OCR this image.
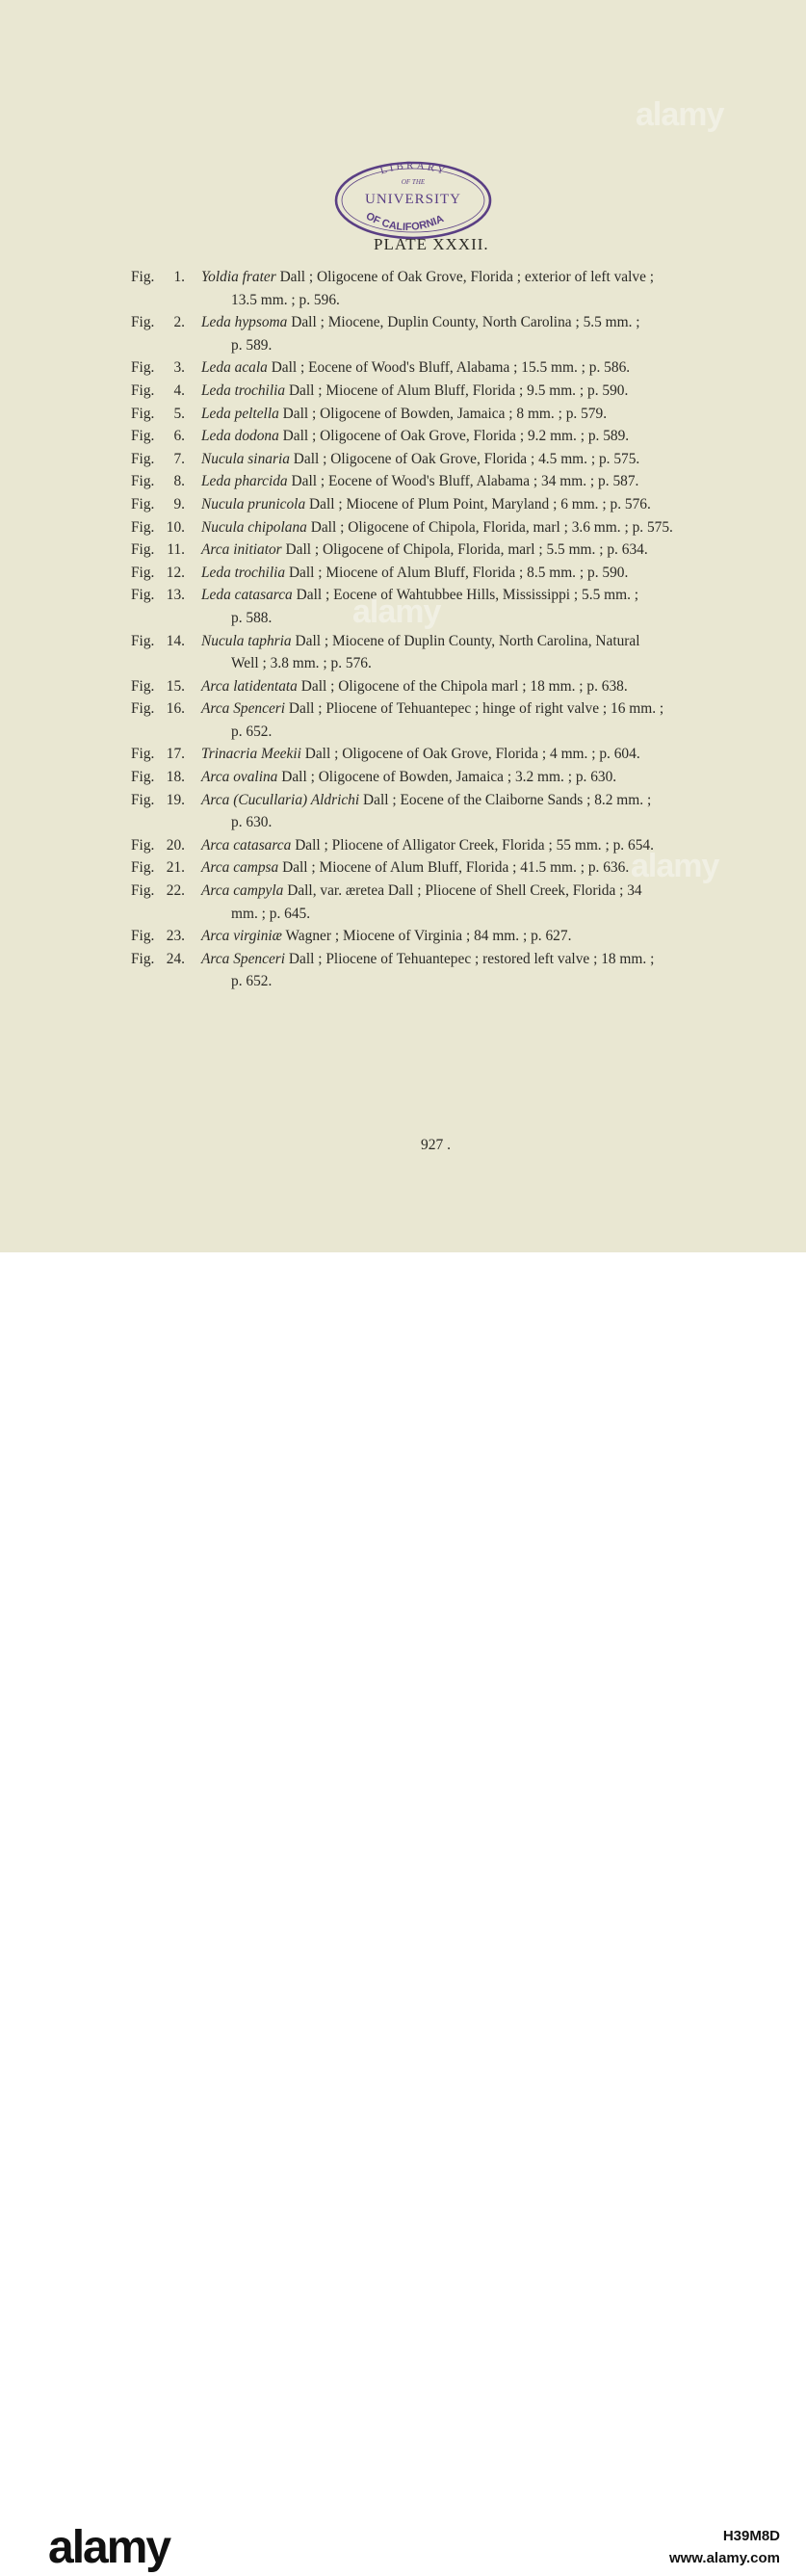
LIBRARY
OF THE
UNIVERSITY
OF CALIFORNIA
PLATE XXXII.
Fig.	1. Yoldia frater Dall ; Oligocene of Oak Grove, Florida ; exterior of left valve ;
13.5 mm. ; p. 596.
Fig.	2. Leda hypsoma Dall ; Miocene, Duplin County, North Carolina ; 5.5 mm. ;
p. 589.
Fig.	3. Leda acala Dall ; Eocene of Wood's Bluff, Alabama ; 15.5 mm. ; p. 586.
Fig.	4. Leda trochilia Dall ; Miocene of Alum Bluff, Florida ; 9.5 mm. ; p. 590.
Fig.	5. Leda peltella Dall ; Oligocene of Bowden, Jamaica ; 8 mm. ; p. 579.
Fig.	6. Leda dodona Dall ; Oligocene of Oak Grove, Florida ; 9.2 mm. ; p. 589.
Fig.	7. Nucula sinaria Dall ; Oligocene of Oak Grove, Florida ; 4.5 mm. ; p. 575.
Fig.	8. Leda pharcida Dall ; Eocene of Wood's Bluff, Alabama ; 34 mm. ; p. 587.
Fig.	9. Nucula prunicola Dall ; Miocene of Plum Point, Maryland ; 6 mm. ; p. 576.
Fig. 10. Nucula chipolana Dall ; Oligocene of Chipola, Florida, marl ; 3.6 mm. ; p. 575.
Fig. 11. Arca initiator Dall ; Oligocene of Chipola, Florida, marl ; 5.5 mm. ; p. 634.
Fig. 12. Leda trochilia Dall ; Miocene of Alum Bluff, Florida ; 8.5 mm. ; p. 590.
Fig. 13. Leda catasarca Dall ; Eocene of Wahtubbee Hills, Mississippi ; 5.5 mm. ;
p. 588.
Fig. 14. Nucula taphria Dall ; Miocene of Duplin County, North Carolina, Natural
Well ; 3.8 mm. ; p. 576.
Fig. 15. Arca latidentata Dall ; Oligocene of the Chipola marl ; 18 mm. ; p. 638.
Fig. 16. Arca Spenceri Dall ; Pliocene of Tehuantepec ; hinge of right valve ; 16 mm. ;
p. 652.
Fig. 17. Trinacria Meekii Dall ; Oligocene of Oak Grove, Florida ; 4 mm. ; p. 604.
Fig. 18. Arca ovalina Dall ; Oligocene of Bowden, Jamaica ; 3.2 mm. ; p. 630.
Fig. 19. Arca (Cucullaria) Aldrichi Dall ; Eocene of the Claiborne Sands ; 8.2 mm. ;
p. 630.
Fig. 20. Arca catasarca Dall ; Pliocene of Alligator Creek, Florida ; 55 mm. ; p. 654.
Fig. 21. Arca campsa Dall ; Miocene of Alum Bluff, Florida ; 41.5 mm. ; p. 636.
Fig. 22. Arca campyla Dall, var. æretea Dall ; Pliocene of Shell Creek, Florida ; 34
mm. ; p. 645.
Fig. 23. Arca virginiæ Wagner ; Miocene of Virginia ; 84 mm. ; p. 627.
Fig. 24. Arca Spenceri Dall ; Pliocene of Tehuantepec ; restored left valve ; 18 mm. ;
p. 652.
927 .
alamy
alamy
alamy
alamy	H39M8D
www.alamy.com
